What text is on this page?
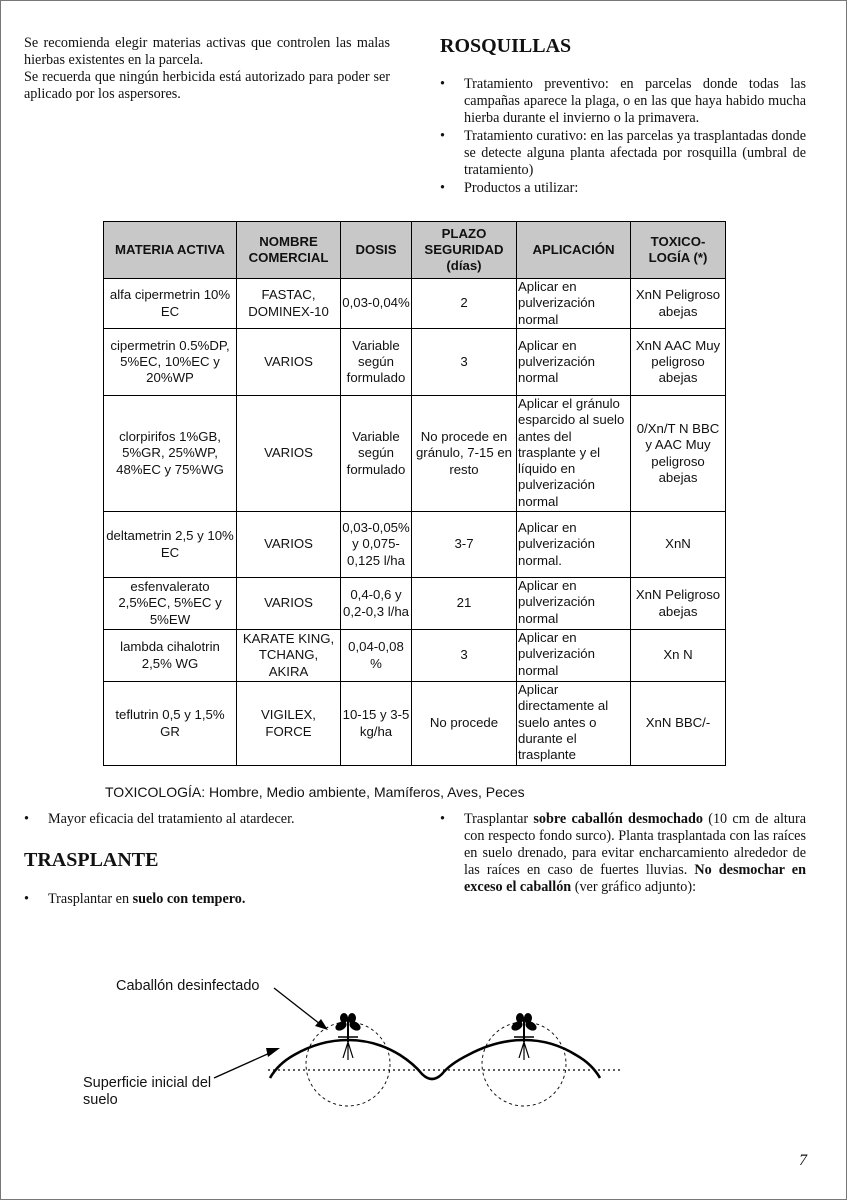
Se recomienda elegir materias activas que controlen las malas hierbas existentes en la parcela.
Se recuerda que ningún herbicida está autorizado para poder ser aplicado por los aspersores.
ROSQUILLAS
• Tratamiento preventivo: en parcelas donde todas las campañas aparece la plaga, o en las que haya habido mucha hierba durante el invierno o la primavera.
• Tratamiento curativo: en las parcelas ya trasplantadas donde se detecte alguna planta afectada por rosquilla (umbral de tratamiento)
• Productos a utilizar:
MATERIA ACTIVA	NOMBRE COMERCIAL	DOSIS	PLAZO SEGURIDAD (días)	APLICACIÓN	TOXICO-LOGÍA (*)
alfa cipermetrin 10% EC	FASTAC, DOMINEX-10	0,03-0,04%	2	Aplicar en pulverización normal	XnN Peligroso abejas
cipermetrin 0.5%DP, 5%EC, 10%EC y 20%WP	VARIOS	Variable según formulado	3	Aplicar en pulverización normal	XnN AAC Muy peligroso abejas
clorpirifos 1%GB, 5%GR, 25%WP, 48%EC y 75%WG	VARIOS	Variable según formulado	No procede en gránulo, 7-15 en resto	Aplicar el gránulo esparcido al suelo antes del trasplante y el líquido en pulverización normal	0/Xn/T N BBC y AAC Muy peligroso abejas
deltametrin 2,5 y 10% EC	VARIOS	0,03-0,05% y 0,075-0,125 l/ha	3-7	Aplicar en pulverización normal.	XnN
esfenvalerato 2,5%EC, 5%EC y 5%EW	VARIOS	0,4-0,6 y 0,2-0,3 l/ha	21	Aplicar en pulverización normal	XnN Peligroso abejas
lambda cihalotrin 2,5% WG	KARATE KING, TCHANG, AKIRA	0,04-0,08 %	3	Aplicar en pulverización normal	Xn N
teflutrin 0,5 y 1,5% GR	VIGILEX, FORCE	10-15 y 3-5 kg/ha	No procede	Aplicar directamente al suelo antes o durante el trasplante	XnN BBC/-
TOXICOLOGÍA: Hombre, Medio ambiente, Mamíferos, Aves, Peces
• Mayor eficacia del tratamiento al atardecer.
TRASPLANTE
• Trasplantar en suelo con tempero.
• Trasplantar sobre caballón desmochado (10 cm de altura con respecto fondo surco). Planta trasplantada con las raíces en suelo drenado, para evitar encharcamiento alrededor de las raíces en caso de fuertes lluvias. No desmochar en exceso el caballón (ver gráfico adjunto):
Caballón desinfectado
Superficie inicial del
suelo
7
